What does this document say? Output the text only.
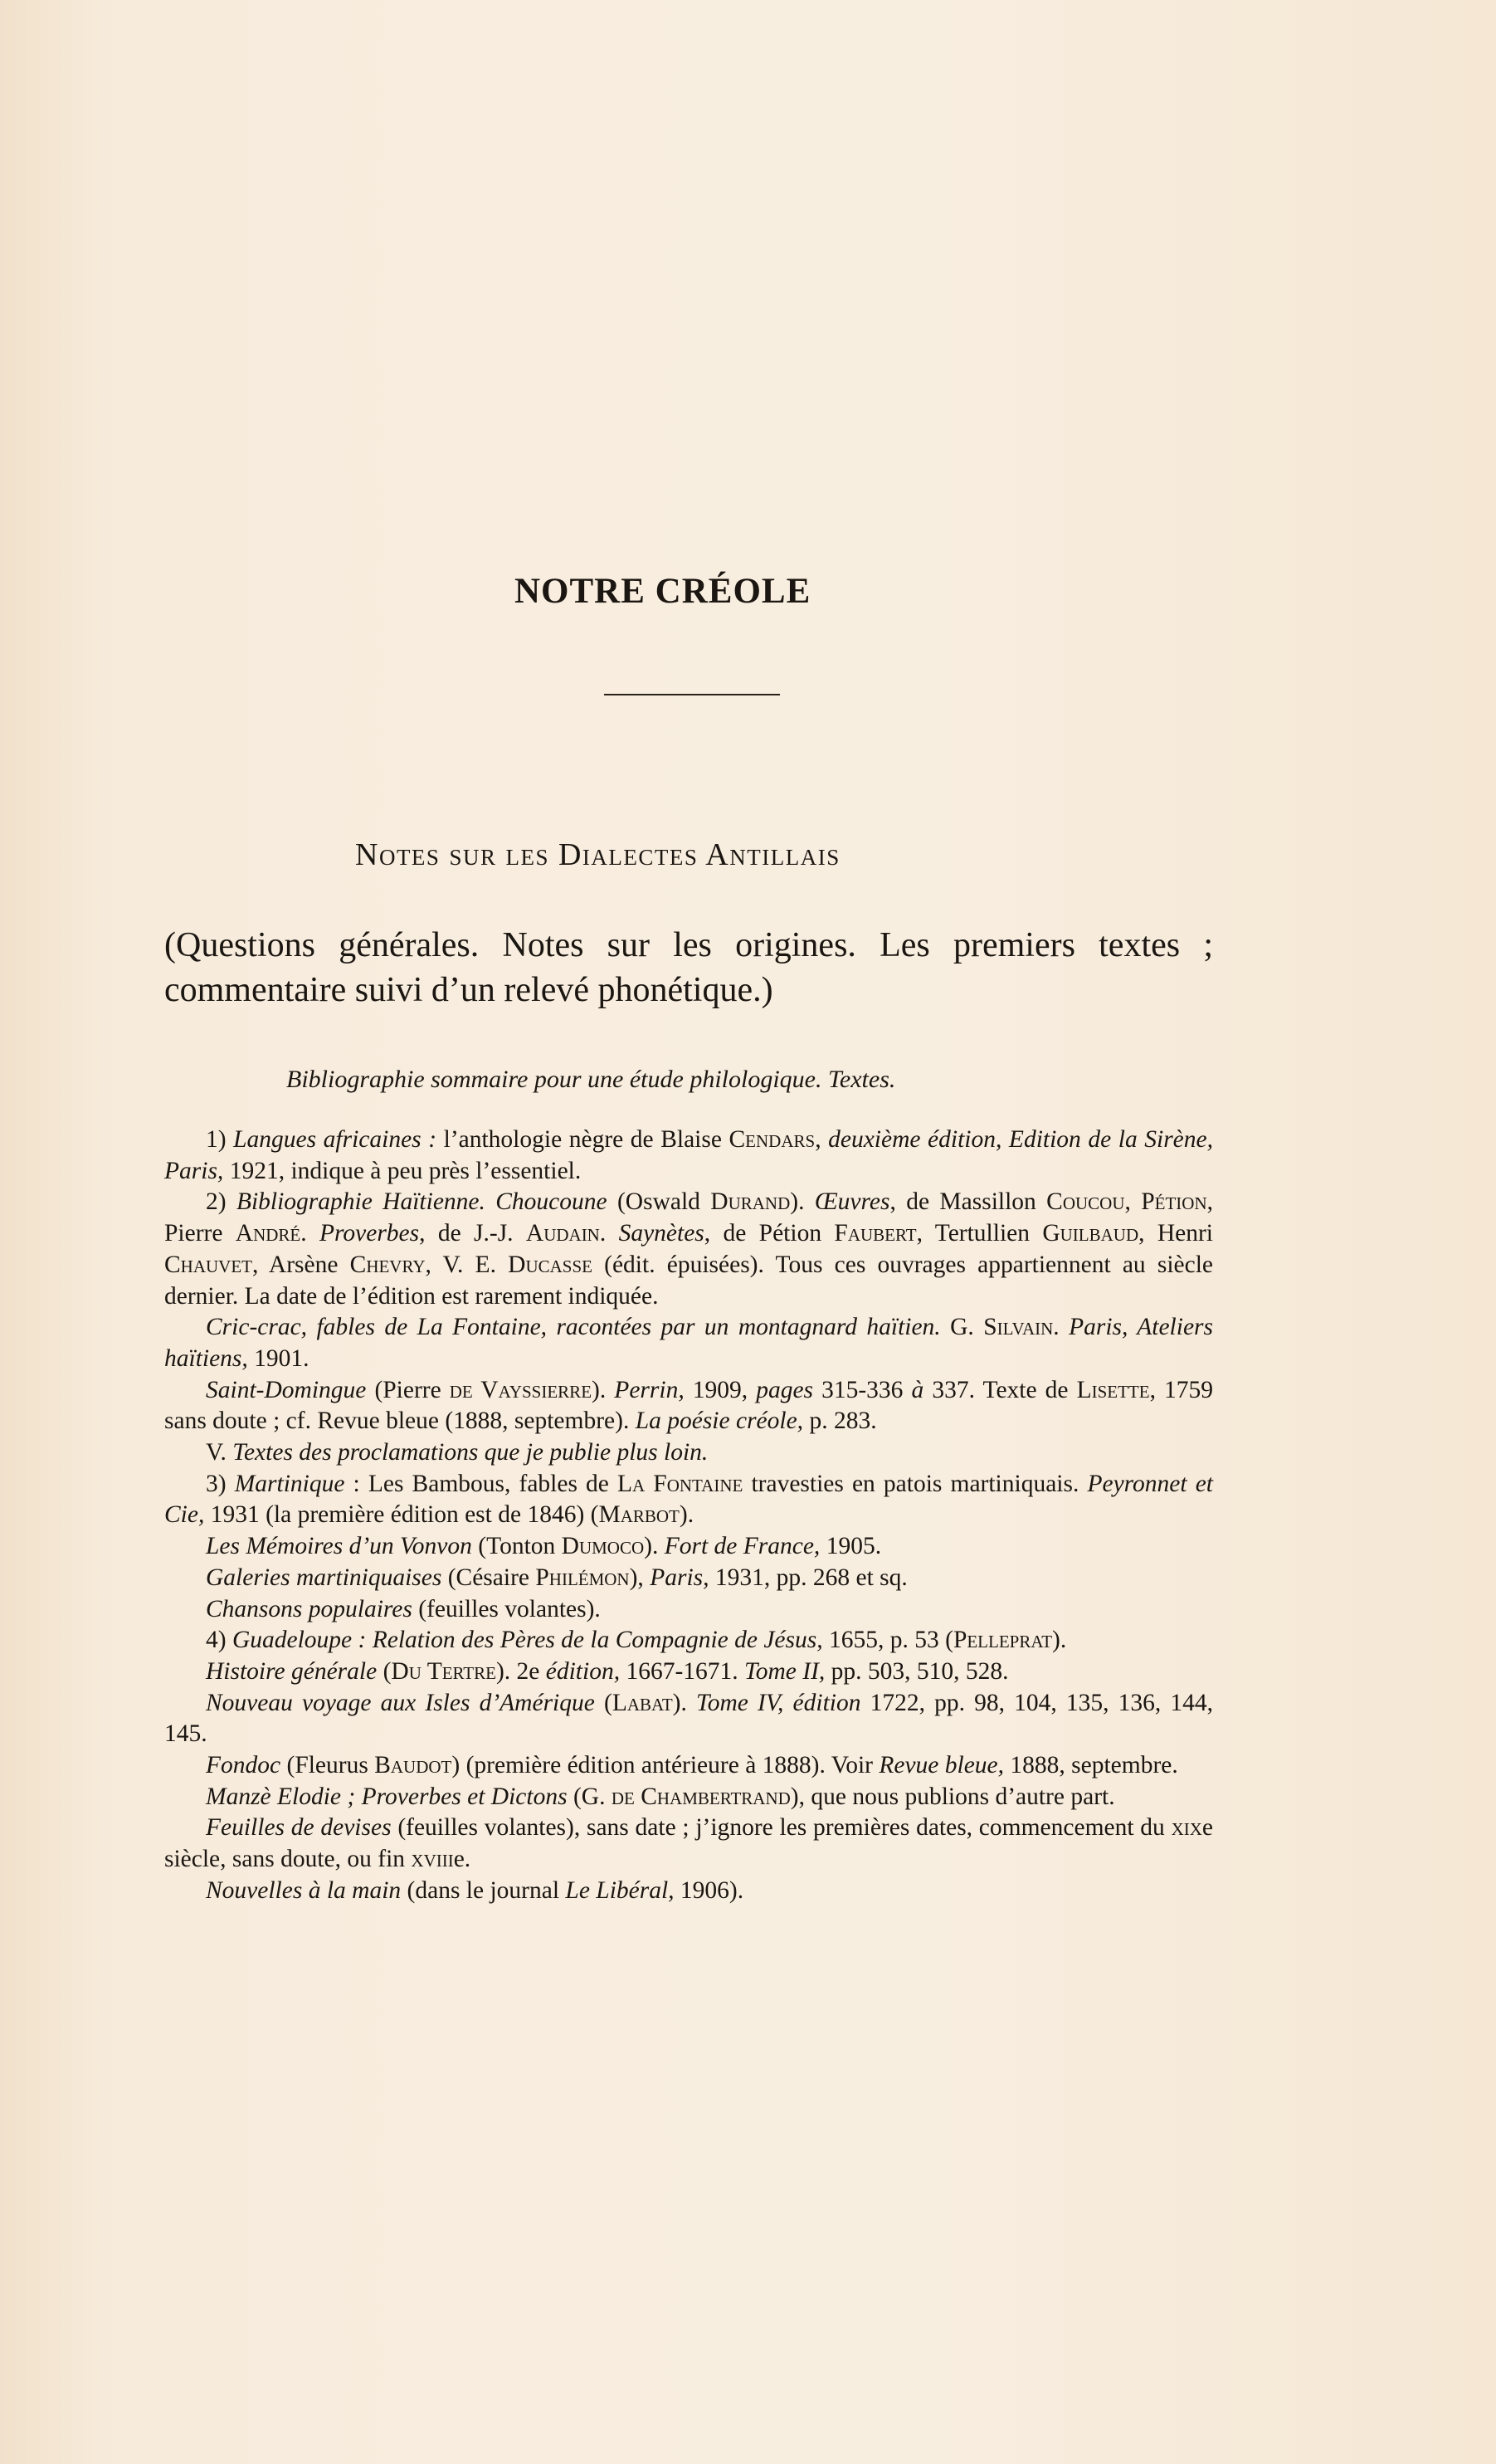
NOTRE CRÉOLE
Notes sur les Dialectes Antillais
(Questions générales. Notes sur les origines. Les premiers textes ; commentaire suivi d’un relevé phonétique.)
Bibliographie sommaire pour une étude philologique. Textes.

1) Langues africaines : l’anthologie nègre de Blaise Cendars, deuxième édition, Edition de la Sirène, Paris, 1921, indique à peu près l’essentiel.

2) Bibliographie Haïtienne. Choucoune (Oswald Durand). Œuvres, de Massillon Coucou, Pétion, Pierre André. Proverbes, de J.-J. Audain. Saynètes, de Pétion Faubert, Tertullien Guilbaud, Henri Chauvet, Arsène Chevry, V. E. Ducasse (édit. épuisées). Tous ces ouvrages appartiennent au siècle dernier. La date de l’édition est rarement indiquée.

Cric-crac, fables de La Fontaine, racontées par un montagnard haïtien. G. Silvain. Paris, Ateliers haïtiens, 1901.

Saint-Domingue (Pierre de Vayssierre). Perrin, 1909, pages 315-336 à 337. Texte de Lisette, 1759 sans doute ; cf. Revue bleue (1888, septembre). La poésie créole, p. 283.

V. Textes des proclamations que je publie plus loin.

3) Martinique : Les Bambous, fables de La Fontaine travesties en patois martiniquais. Peyronnet et Cie, 1931 (la première édition est de 1846) (Marbot).

Les Mémoires d’un Vonvon (Tonton Dumoco). Fort de France, 1905.

Galeries martiniquaises (Césaire Philémon), Paris, 1931, pp. 268 et sq.

Chansons populaires (feuilles volantes).

4) Guadeloupe : Relation des Pères de la Compagnie de Jésus, 1655, p. 53 (Pelleprat).

Histoire générale (Du Tertre). 2e édition, 1667-1671. Tome II, pp. 503, 510, 528.

Nouveau voyage aux Isles d’Amérique (Labat). Tome IV, édition 1722, pp. 98, 104, 135, 136, 144, 145.

Fondoc (Fleurus Baudot) (première édition antérieure à 1888). Voir Revue bleue, 1888, septembre.

Manzè Elodie ; Proverbes et Dictons (G. de Chambertrand), que nous publions d’autre part.

Feuilles de devises (feuilles volantes), sans date ; j’ignore les premières dates, commencement du xixe siècle, sans doute, ou fin xviiie.

Nouvelles à la main (dans le journal Le Libéral, 1906).
